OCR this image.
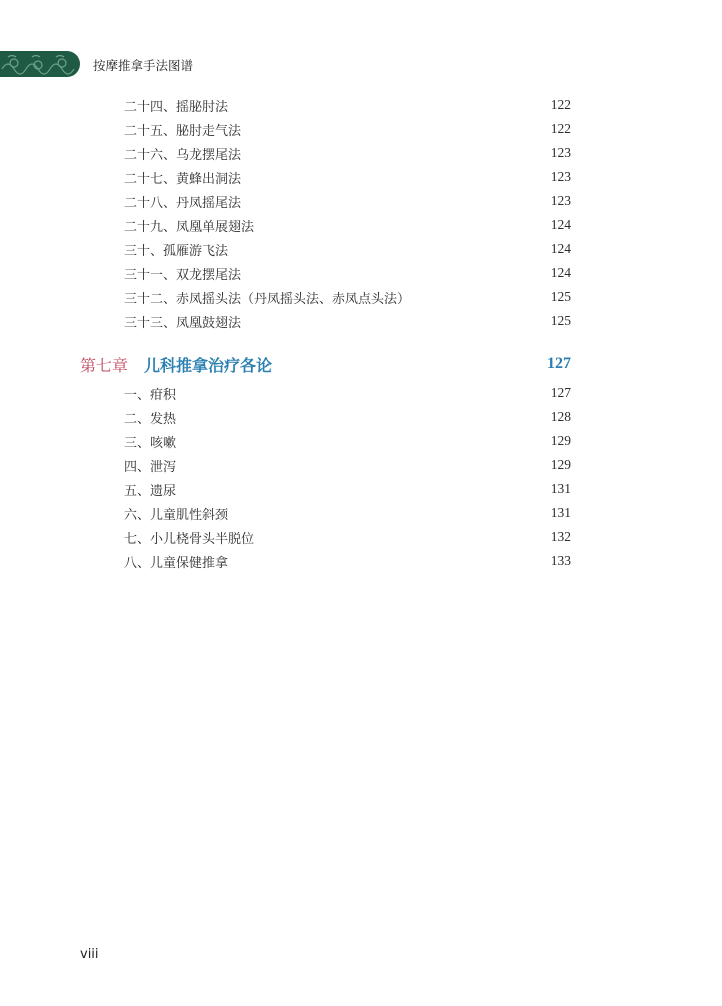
按摩推拿手法图谱
二十四、摇䏟肘法	122
二十五、䏟肘走气法	122
二十六、乌龙摆尾法	123
二十七、黄蜂出洞法	123
二十八、丹凤摇尾法	123
二十九、凤凰单展翅法	124
三十、孤雁游飞法	124
三十一、双龙摆尾法	124
三十二、赤凤摇头法（丹凤摇头法、赤凤点头法）	125
三十三、凤凰鼓翅法	125
第七章 儿科推拿治疗各论	127
一、疳积	127
二、发热	128
三、咳嗽	129
四、泄泻	129
五、遗尿	131
六、儿童肌性斜颈	131
七、小儿桡骨头半脱位	132
八、儿童保健推拿	133
viii
